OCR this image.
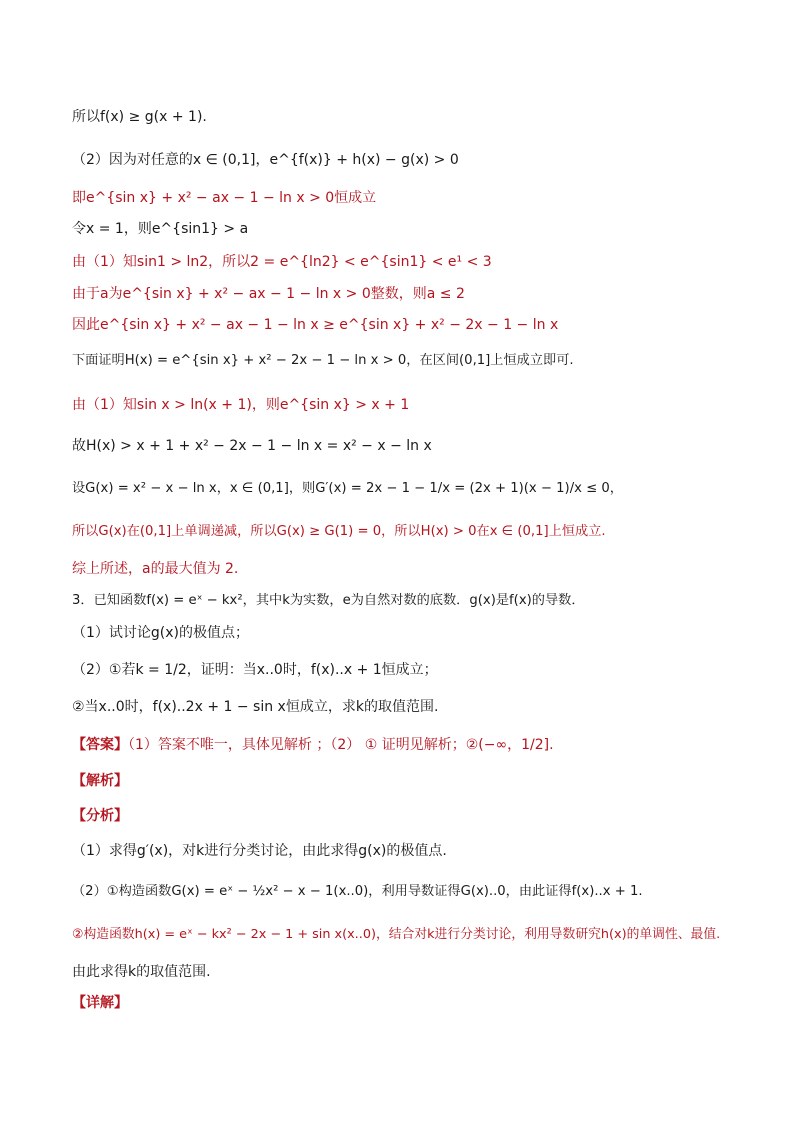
所以f(x) ≥ g(x + 1).
（2）因为对任意的x ∈ (0,1]，e^{f(x)} + h(x) − g(x) > 0
即e^{sin x} + x² − ax − 1 − ln x > 0恒成立
令x = 1，则e^{sin1} > a
由（1）知sin1 > ln2，所以2 = e^{ln2} < e^{sin1} < e¹ < 3
由于a为e^{sin x} + x² − ax − 1 − ln x > 0整数，则a ≤ 2
因此e^{sin x} + x² − ax − 1 − ln x ≥ e^{sin x} + x² − 2x − 1 − ln x
下面证明H(x) = e^{sin x} + x² − 2x − 1 − ln x > 0，在区间(0,1]上恒成立即可.
由（1）知sin x > ln(x + 1)，则e^{sin x} > x + 1
故H(x) > x + 1 + x² − 2x − 1 − ln x = x² − x − ln x
设G(x) = x² − x − ln x，x ∈ (0,1]，则G′(x) = 2x − 1 − 1/x = (2x + 1)(x − 1)/x ≤ 0，
所以G(x)在(0,1]上单调递减，所以G(x) ≥ G(1) = 0，所以H(x) > 0在x ∈ (0,1]上恒成立.
综上所述，a的最大值为 2.
3．已知函数f(x) = eˣ − kx²，其中k为实数，e为自然对数的底数．g(x)是f(x)的导数．
（1）试讨论g(x)的极值点；
（2）①若k = 1/2，证明：当x..0时，f(x)..x + 1恒成立；
②当x..0时，f(x)..2x + 1 − sin x恒成立，求k的取值范围.
【答案】（1）答案不唯一，具体见解析 ；（2） ① 证明见解析；②(−∞，1/2].
【解析】
【分析】
（1）求得g′(x)，对k进行分类讨论，由此求得g(x)的极值点.
（2）①构造函数G(x) = eˣ − ½x² − x − 1(x..0)，利用导数证得G(x)..0，由此证得f(x)..x + 1.
②构造函数h(x) = eˣ − kx² − 2x − 1 + sin x(x..0)，结合对k进行分类讨论，利用导数研究h(x)的单调性、最值.
由此求得k的取值范围.
【详解】
